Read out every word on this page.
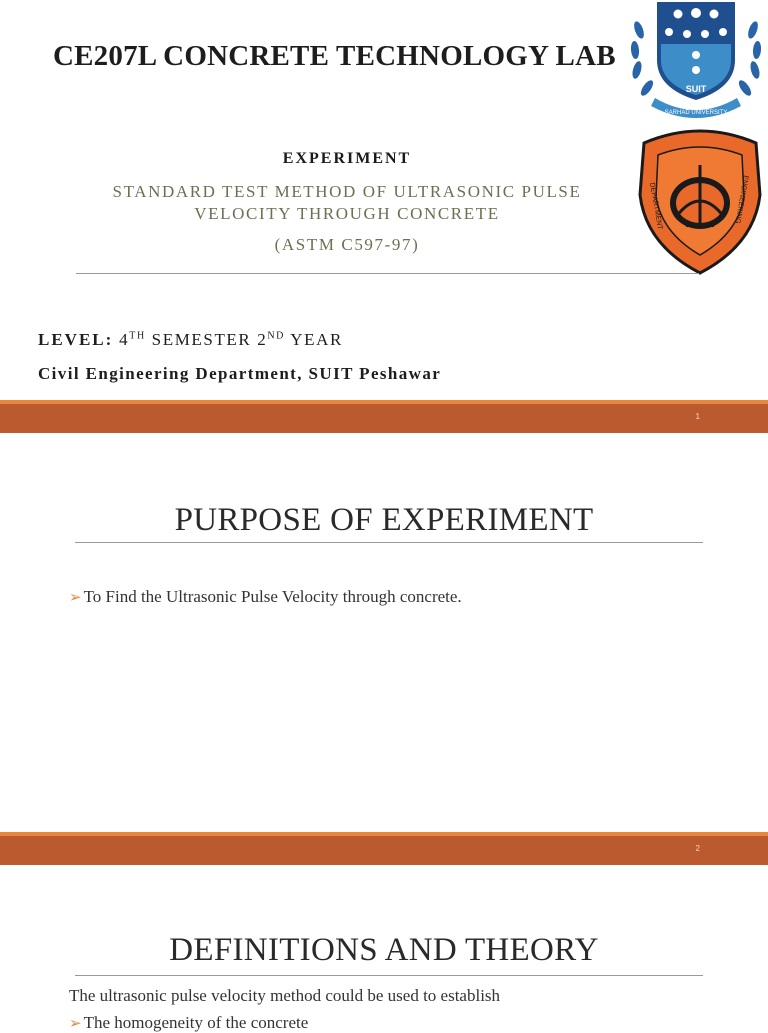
CE207L CONCRETE TECHNOLOGY LAB
SUIT
SARHAD UNIVERSITY
DEPARTMENT	ENGINEERING
EXPERIMENT
STANDARD TEST METHOD OF ULTRASONIC PULSE
VELOCITY THROUGH CONCRETE
(ASTM C597-97)
LEVEL: 4TH SEMESTER 2ND YEAR
Civil Engineering Department, SUIT Peshawar
1
PURPOSE OF EXPERIMENT
➢ To Find the Ultrasonic Pulse Velocity through concrete.
2
DEFINITIONS AND THEORY
The ultrasonic pulse velocity method could be used to establish
➢ The homogeneity of the concrete
